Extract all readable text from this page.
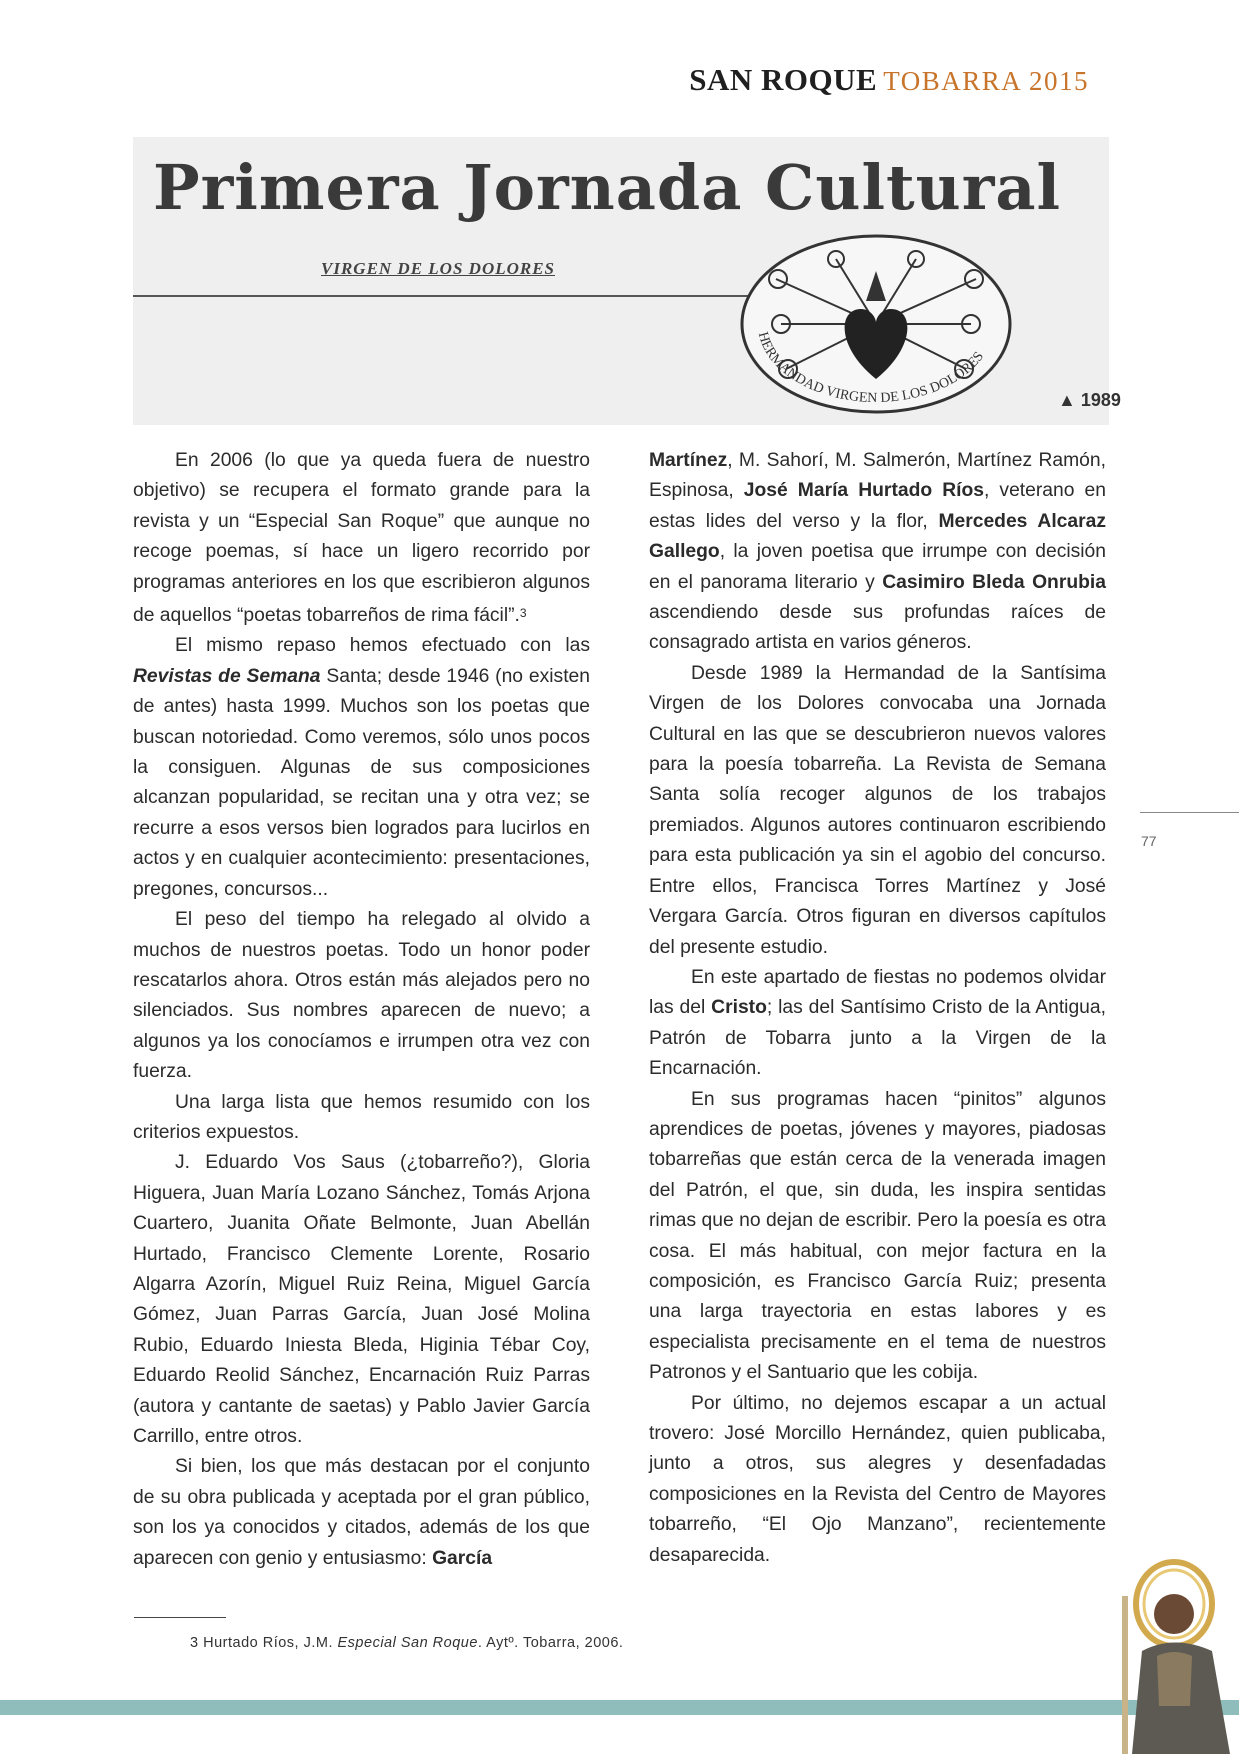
SAN ROQUE TOBARRA 2015
Primera Jornada Cultural
VIRGEN DE LOS DOLORES
HERMANDAD VIRGEN DE LOS DOLORES
▲ 1989

En 2006 (lo que ya queda fuera de nuestro objetivo) se recupera el formato grande para la revista y un “Especial San Roque” que aunque no recoge poemas, sí hace un ligero recorrido por programas anteriores en los que escribieron algunos de aquellos “poetas tobarreños de rima fácil”.$^3$

El mismo repaso hemos efectuado con las Revistas de Semana Santa; desde 1946 (no existen de antes) hasta 1999. Muchos son los poetas que buscan notoriedad. Como veremos, sólo unos pocos la consiguen. Algunas de sus composiciones alcanzan popularidad, se recitan una y otra vez; se recurre a esos versos bien logrados para lucirlos en actos y en cualquier acontecimiento: presentaciones, pregones, concursos...

El peso del tiempo ha relegado al olvido a muchos de nuestros poetas. Todo un honor poder rescatarlos ahora. Otros están más alejados pero no silenciados. Sus nombres aparecen de nuevo; a algunos ya los conocíamos e irrumpen otra vez con fuerza.

Una larga lista que hemos resumido con los criterios expuestos.

J. Eduardo Vos Saus (¿tobarreño?), Gloria Higuera, Juan María Lozano Sánchez, Tomás Arjona Cuartero, Juanita Oñate Belmonte, Juan Abellán Hurtado, Francisco Clemente Lorente, Rosario Algarra Azorín, Miguel Ruiz Reina, Miguel García Gómez, Juan Parras García, Juan José Molina Rubio, Eduardo Iniesta Bleda, Higinia Tébar Coy, Eduardo Reolid Sánchez, Encarnación Ruiz Parras (autora y cantante de saetas) y Pablo Javier García Carrillo, entre otros.

Si bien, los que más destacan por el conjunto de su obra publicada y aceptada por el gran público, son los ya conocidos y citados, además de los que aparecen con genio y entusiasmo: García

Martínez, M. Sahorí, M. Salmerón, Martínez Ramón, Espinosa, José María Hurtado Ríos, veterano en estas lides del verso y la flor, Mercedes Alcaraz Gallego, la joven poetisa que irrumpe con decisión en el panorama literario y Casimiro Bleda Onrubia ascendiendo desde sus profundas raíces de consagrado artista en varios géneros.

Desde 1989 la Hermandad de la Santísima Virgen de los Dolores convocaba una Jornada Cultural en las que se descubrieron nuevos valores para la poesía tobarreña. La Revista de Semana Santa solía recoger algunos de los trabajos premiados. Algunos autores continuaron escribiendo para esta publicación ya sin el agobio del concurso. Entre ellos, Francisca Torres Martínez y José Vergara García. Otros figuran en diversos capítulos del presente estudio.

En este apartado de fiestas no podemos olvidar las del Cristo; las del Santísimo Cristo de la Antigua, Patrón de Tobarra junto a la Virgen de la Encarnación.

En sus programas hacen “pinitos” algunos aprendices de poetas, jóvenes y mayores, piadosas tobarreñas que están cerca de la venerada imagen del Patrón, el que, sin duda, les inspira sentidas rimas que no dejan de escribir. Pero la poesía es otra cosa. El más habitual, con mejor factura en la composición, es Francisco García Ruiz; presenta una larga trayectoria en estas labores y es especialista precisamente en el tema de nuestros Patronos y el Santuario que les cobija.

Por último, no dejemos escapar a un actual trovero: José Morcillo Hernández, quien publicaba, junto a otros, sus alegres y desenfadadas composiciones en la Revista del Centro de Mayores tobarreño, “El Ojo Manzano”, recientemente desaparecida.

77
3 Hurtado Ríos, J.M. Especial San Roque. Aytº. Tobarra, 2006.
